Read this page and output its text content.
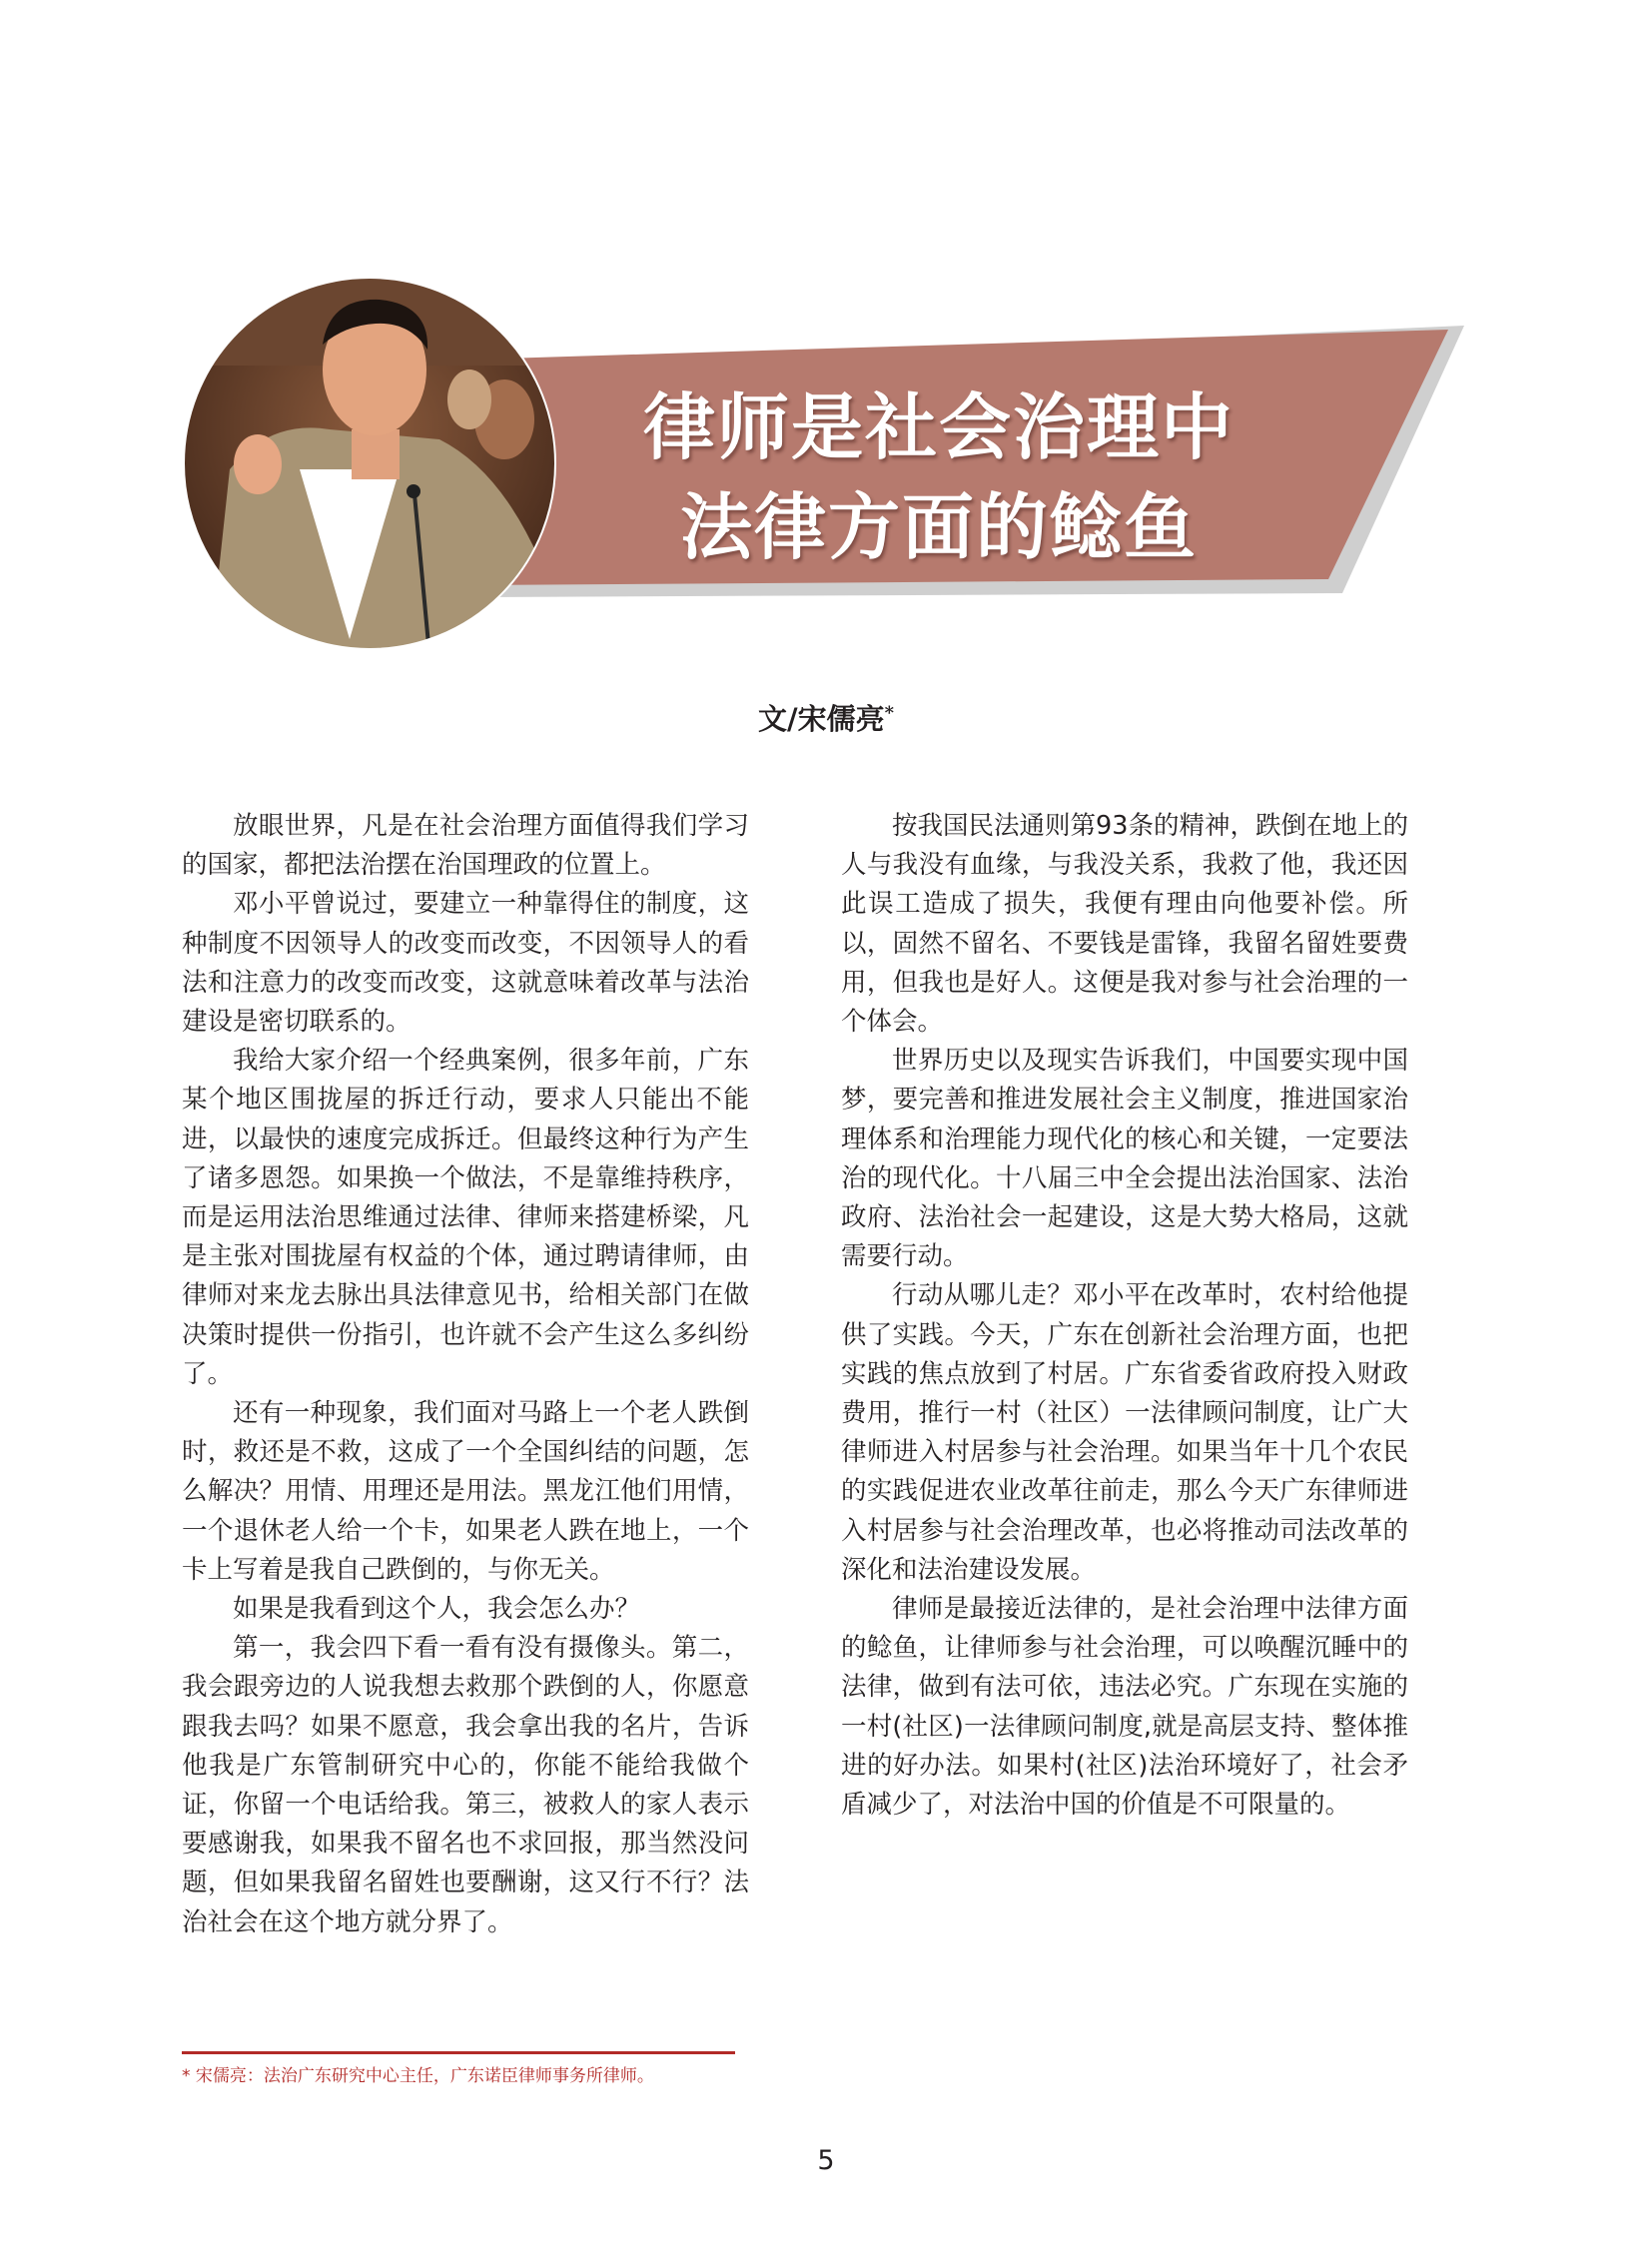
律师是社会治理中
法律方面的鲶鱼
文/宋儒亮*

放眼世界，凡是在社会治理方面值得我们学习的国家，都把法治摆在治国理政的位置上。

邓小平曾说过，要建立一种靠得住的制度，这种制度不因领导人的改变而改变，不因领导人的看法和注意力的改变而改变，这就意味着改革与法治建设是密切联系的。

我给大家介绍一个经典案例，很多年前，广东某个地区围拢屋的拆迁行动，要求人只能出不能进，以最快的速度完成拆迁。但最终这种行为产生了诸多恩怨。如果换一个做法，不是靠维持秩序，而是运用法治思维通过法律、律师来搭建桥梁，凡是主张对围拢屋有权益的个体，通过聘请律师，由律师对来龙去脉出具法律意见书，给相关部门在做决策时提供一份指引，也许就不会产生这么多纠纷了。

还有一种现象，我们面对马路上一个老人跌倒时，救还是不救，这成了一个全国纠结的问题，怎么解决？用情、用理还是用法。黑龙江他们用情，一个退休老人给一个卡，如果老人跌在地上，一个卡上写着是我自己跌倒的，与你无关。

如果是我看到这个人，我会怎么办？

第一，我会四下看一看有没有摄像头。第二，我会跟旁边的人说我想去救那个跌倒的人，你愿意跟我去吗？如果不愿意，我会拿出我的名片，告诉他我是广东管制研究中心的，你能不能给我做个证，你留一个电话给我。第三，被救人的家人表示要感谢我，如果我不留名也不求回报，那当然没问题，但如果我留名留姓也要酬谢，这又行不行？法治社会在这个地方就分界了。

按我国民法通则第93条的精神，跌倒在地上的人与我没有血缘，与我没关系，我救了他，我还因此误工造成了损失，我便有理由向他要补偿。所以，固然不留名、不要钱是雷锋，我留名留姓要费用，但我也是好人。这便是我对参与社会治理的一个体会。

世界历史以及现实告诉我们，中国要实现中国梦，要完善和推进发展社会主义制度，推进国家治理体系和治理能力现代化的核心和关键，一定要法治的现代化。十八届三中全会提出法治国家、法治政府、法治社会一起建设，这是大势大格局，这就需要行动。

行动从哪儿走？邓小平在改革时，农村给他提供了实践。今天，广东在创新社会治理方面，也把实践的焦点放到了村居。广东省委省政府投入财政费用，推行一村（社区）一法律顾问制度，让广大律师进入村居参与社会治理。如果当年十几个农民的实践促进农业改革往前走，那么今天广东律师进入村居参与社会治理改革，也必将推动司法改革的深化和法治建设发展。

律师是最接近法律的，是社会治理中法律方面的鲶鱼，让律师参与社会治理，可以唤醒沉睡中的法律，做到有法可依，违法必究。广东现在实施的一村(社区)一法律顾问制度,就是高层支持、整体推进的好办法。如果村(社区)法治环境好了，社会矛盾减少了，对法治中国的价值是不可限量的。

* 宋儒亮：法治广东研究中心主任，广东诺臣律师事务所律师。
5
